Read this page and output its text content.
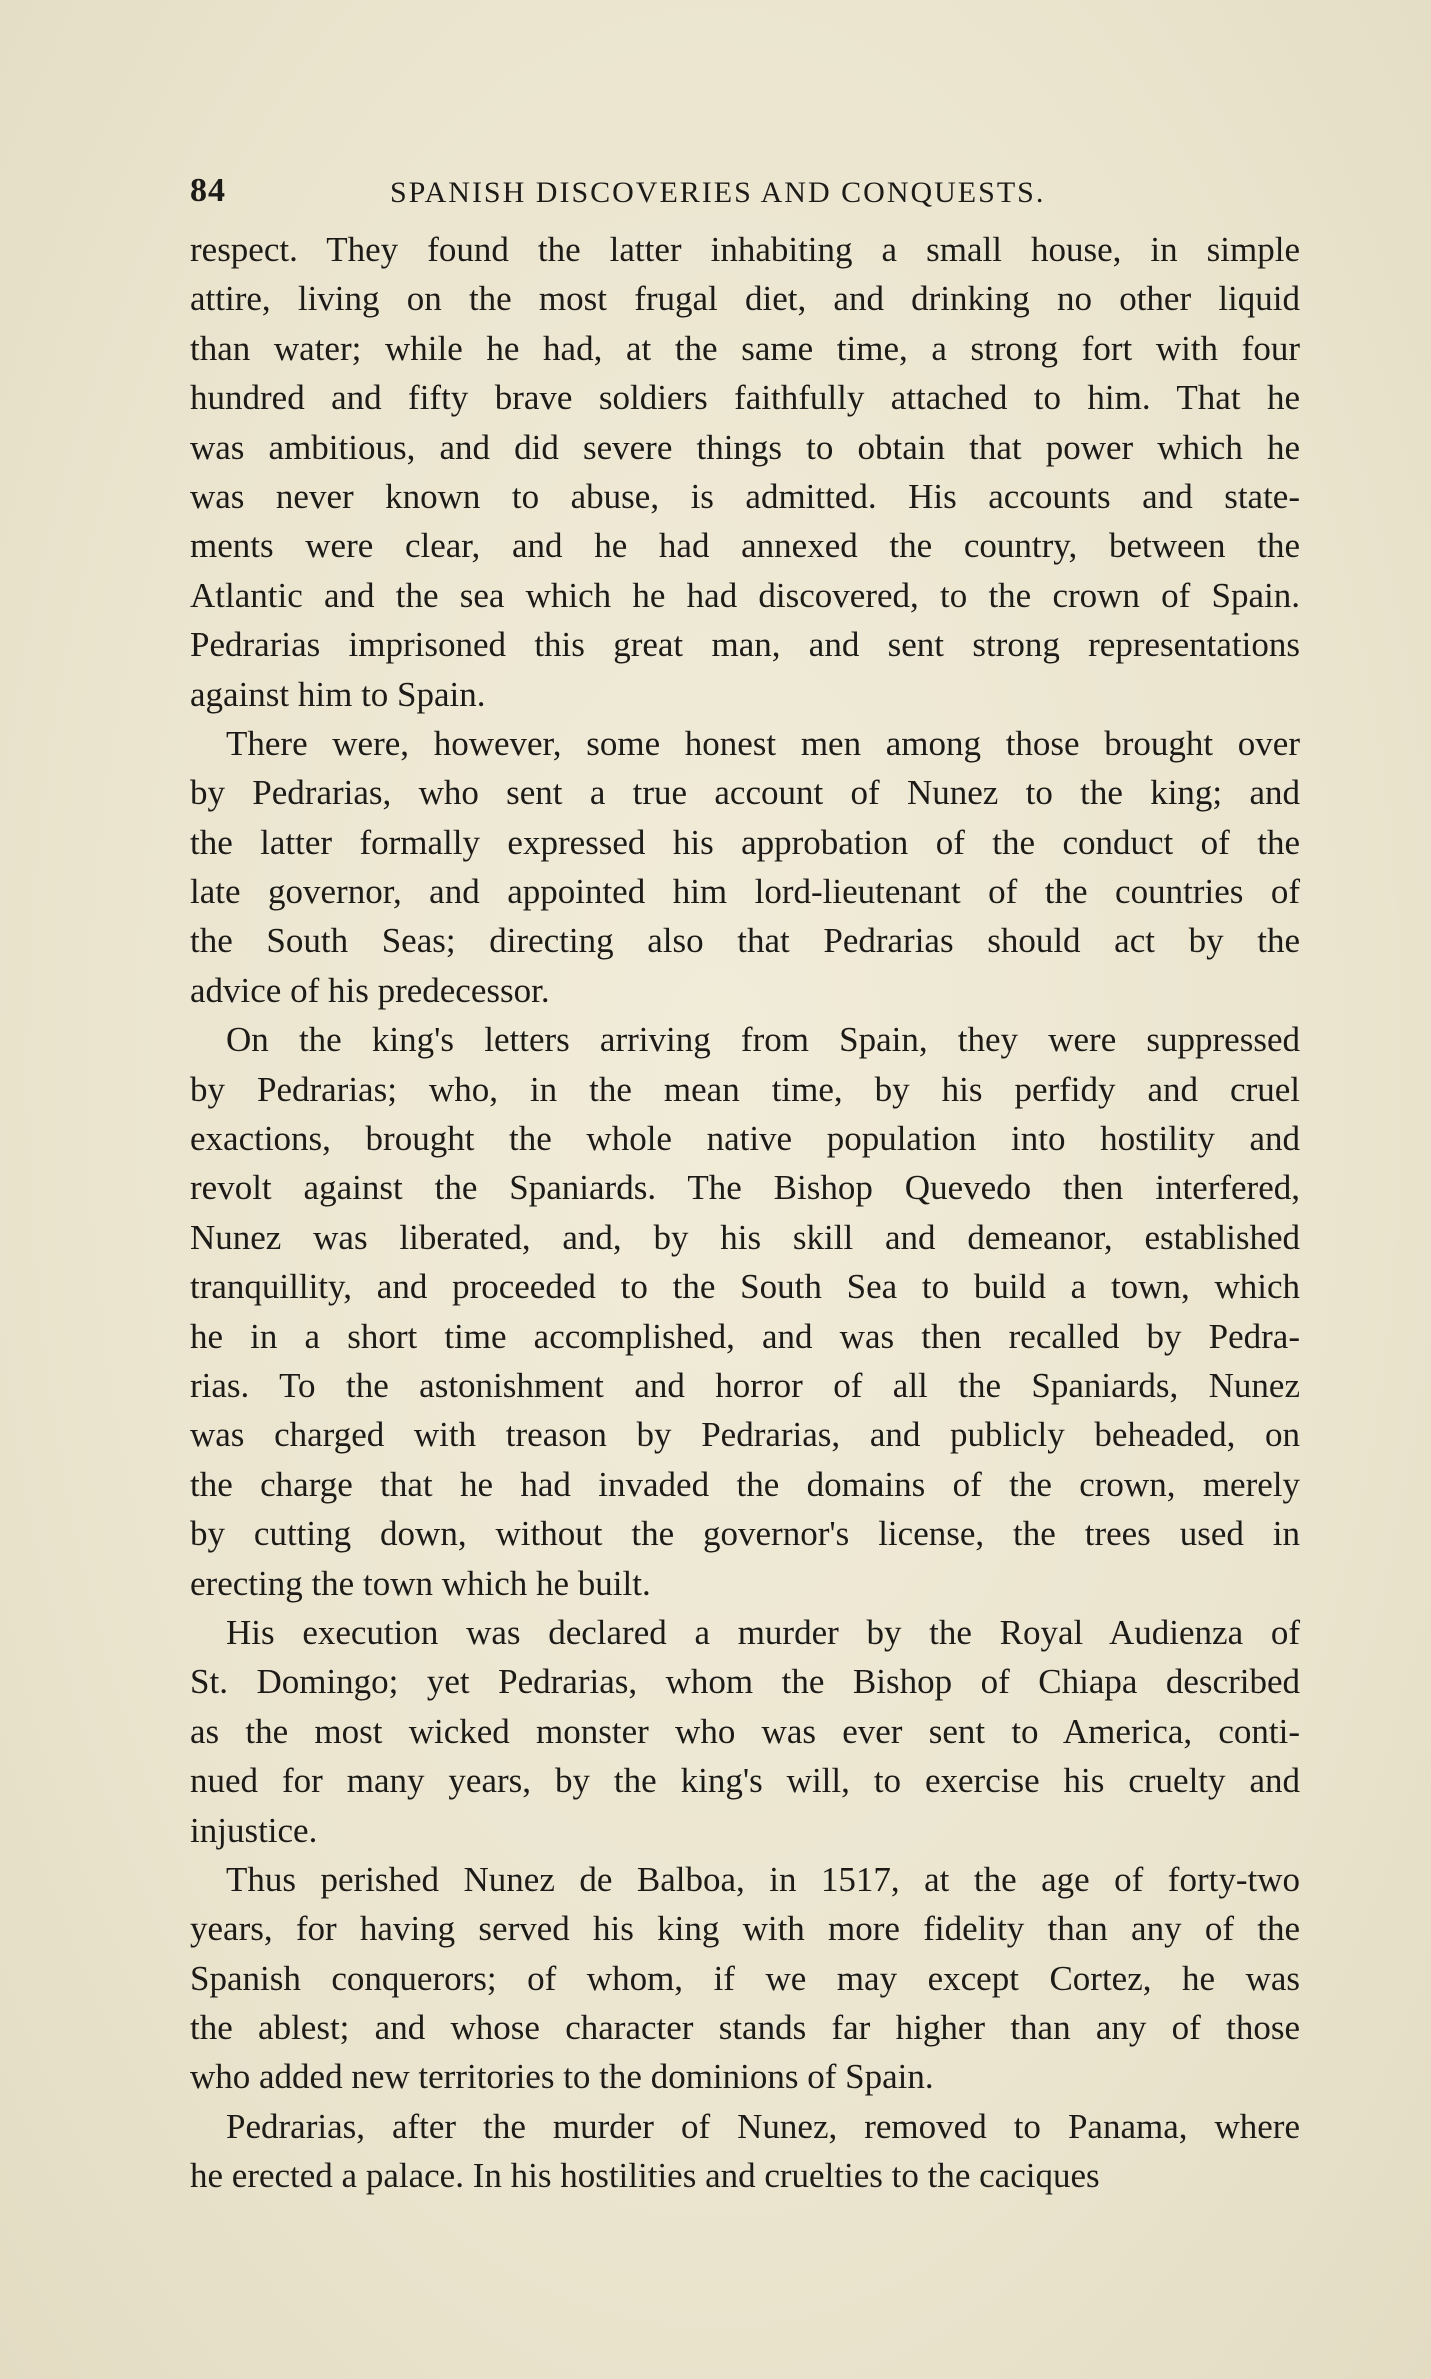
84	SPANISH DISCOVERIES AND CONQUESTS.
respect. They found the latter inhabiting a small house, in simple
attire, living on the most frugal diet, and drinking no other liquid
than water; while he had, at the same time, a strong fort with four
hundred and fifty brave soldiers faithfully attached to him. That he
was ambitious, and did severe things to obtain that power which he
was never known to abuse, is admitted. His accounts and state-
ments were clear, and he had annexed the country, between the
Atlantic and the sea which he had discovered, to the crown of Spain.
Pedrarias imprisoned this great man, and sent strong representations
against him to Spain.
There were, however, some honest men among those brought over
by Pedrarias, who sent a true account of Nunez to the king; and
the latter formally expressed his approbation of the conduct of the
late governor, and appointed him lord-lieutenant of the countries of
the South Seas; directing also that Pedrarias should act by the
advice of his predecessor.
On the king's letters arriving from Spain, they were suppressed
by Pedrarias; who, in the mean time, by his perfidy and cruel
exactions, brought the whole native population into hostility and
revolt against the Spaniards. The Bishop Quevedo then interfered,
Nunez was liberated, and, by his skill and demeanor, established
tranquillity, and proceeded to the South Sea to build a town, which
he in a short time accomplished, and was then recalled by Pedra-
rias. To the astonishment and horror of all the Spaniards, Nunez
was charged with treason by Pedrarias, and publicly beheaded, on
the charge that he had invaded the domains of the crown, merely
by cutting down, without the governor's license, the trees used in
erecting the town which he built.
His execution was declared a murder by the Royal Audienza of
St. Domingo; yet Pedrarias, whom the Bishop of Chiapa described
as the most wicked monster who was ever sent to America, conti-
nued for many years, by the king's will, to exercise his cruelty and
injustice.
Thus perished Nunez de Balboa, in 1517, at the age of forty-two
years, for having served his king with more fidelity than any of the
Spanish conquerors; of whom, if we may except Cortez, he was
the ablest; and whose character stands far higher than any of those
who added new territories to the dominions of Spain.
Pedrarias, after the murder of Nunez, removed to Panama, where
he erected a palace. In his hostilities and cruelties to the caciques
